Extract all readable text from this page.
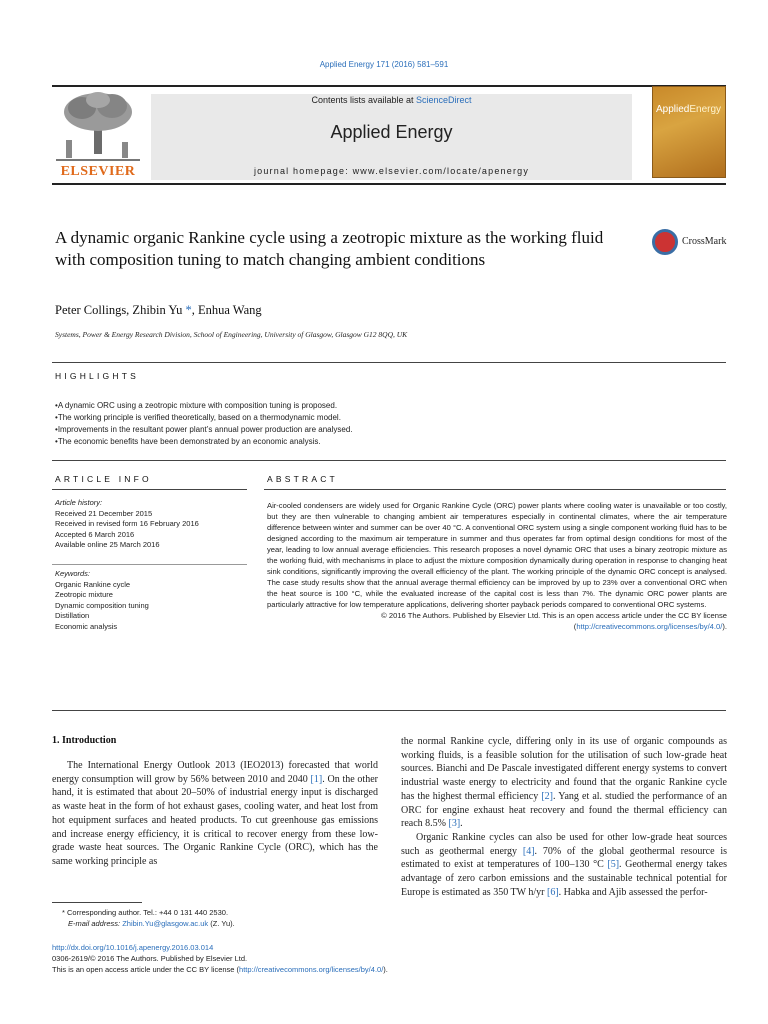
Applied Energy 171 (2016) 581–591
ELSEVIER
Contents lists available at ScienceDirect
Applied Energy
journal homepage: www.elsevier.com/locate/apenergy
AppliedEnergy
A dynamic organic Rankine cycle using a zeotropic mixture as the working fluid with composition tuning to match changing ambient conditions
CrossMark
Peter Collings, Zhibin Yu *, Enhua Wang
Systems, Power & Energy Research Division, School of Engineering, University of Glasgow, Glasgow G12 8QQ, UK
HIGHLIGHTS
• A dynamic ORC using a zeotropic mixture with composition tuning is proposed.
• The working principle is verified theoretically, based on a thermodynamic model.
• Improvements in the resultant power plant’s annual power production are analysed.
• The economic benefits have been demonstrated by an economic analysis.
ARTICLE INFO
Article history:
Received 21 December 2015
Received in revised form 16 February 2016
Accepted 6 March 2016
Available online 25 March 2016
Keywords:
Organic Rankine cycle
Zeotropic mixture
Dynamic composition tuning
Distillation
Economic analysis
ABSTRACT
Air-cooled condensers are widely used for Organic Rankine Cycle (ORC) power plants where cooling water is unavailable or too costly, but they are then vulnerable to changing ambient air temperatures especially in continental climates, where the air temperature difference between winter and summer can be over 40 °C. A conventional ORC system using a single component working fluid has to be designed according to the maximum air temperature in summer and thus operates far from optimal design conditions for most of the year, leading to low annual average efficiencies. This research proposes a novel dynamic ORC that uses a binary zeotropic mixture as the working fluid, with mechanisms in place to adjust the mixture composition dynamically during operation in response to changing heat sink conditions, significantly improving the overall efficiency of the plant. The working principle of the dynamic ORC concept is analysed. The case study results show that the annual average thermal efficiency can be improved by up to 23% over a conventional ORC when the heat source is 100 °C, while the evaluated increase of the capital cost is less than 7%. The dynamic ORC power plants are particularly attractive for low temperature applications, delivering shorter payback periods compared to conventional ORC systems.
© 2016 The Authors. Published by Elsevier Ltd. This is an open access article under the CC BY license (http://creativecommons.org/licenses/by/4.0/).
1. Introduction

The International Energy Outlook 2013 (IEO2013) forecasted that world energy consumption will grow by 56% between 2010 and 2040 [1]. On the other hand, it is estimated that about 20–50% of industrial energy input is discharged as waste heat in the form of hot exhaust gases, cooling water, and heat lost from hot equipment surfaces and heated products. To cut greenhouse gas emissions and increase energy efficiency, it is critical to recover energy from these low-grade waste heat sources. The Organic Rankine Cycle (ORC), which has the same working principle as

the normal Rankine cycle, differing only in its use of organic compounds as working fluids, is a feasible solution for the utilisation of such low-grade heat sources. Bianchi and De Pascale investigated different energy systems to convert industrial waste energy to electricity and found that the organic Rankine cycle has the highest thermal efficiency [2]. Yang et al. studied the performance of an ORC for engine exhaust heat recovery and found the thermal efficiency can reach 8.5% [3].

Organic Rankine cycles can also be used for other low-grade heat sources such as geothermal energy [4]. 70% of the global geothermal resource is estimated to exist at temperatures of 100–130 °C [5]. Geothermal energy takes advantage of zero carbon emissions and the sustainable technical potential for Europe is estimated as 350 TW h/yr [6]. Habka and Ajib assessed the perfor-

* Corresponding author. Tel.: +44 0 131 440 2530.
E-mail address: Zhibin.Yu@glasgow.ac.uk (Z. Yu).
http://dx.doi.org/10.1016/j.apenergy.2016.03.014
0306-2619/© 2016 The Authors. Published by Elsevier Ltd.
This is an open access article under the CC BY license (http://creativecommons.org/licenses/by/4.0/).
